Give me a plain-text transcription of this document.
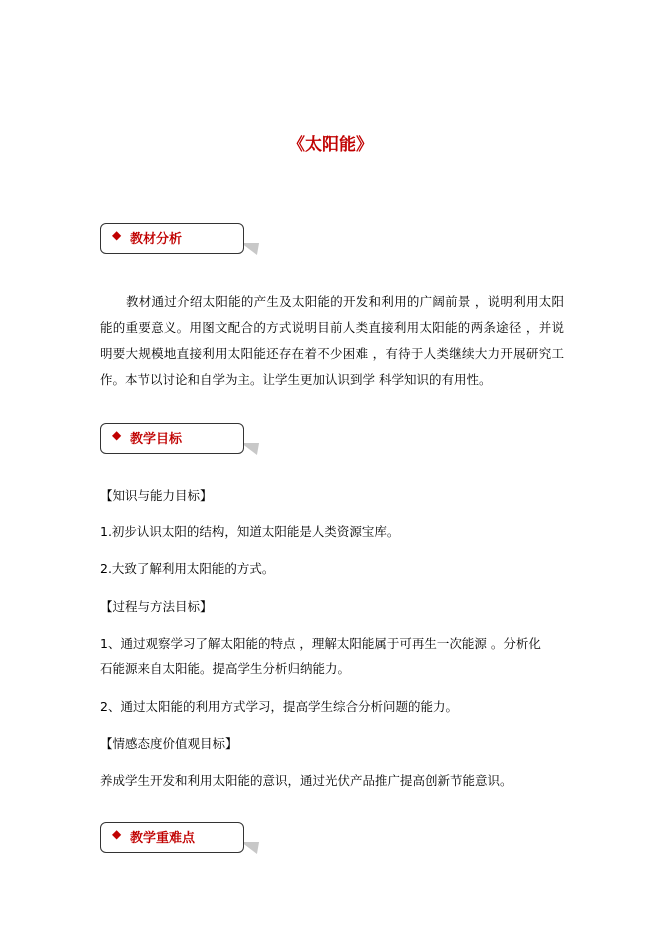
《太阳能》
◆ 教材分析
教材通过介绍太阳能的产生及太阳能的开发和利用的广阔前景 ，说明利用太阳能的重要意义。用图文配合的方式说明目前人类直接利用太阳能的两条途径 ，并说明要大规模地直接利用太阳能还存在着不少困难 ，有待于人类继续大力开展研究工作。本节以讨论和自学为主。让学生更加认识到学 科学知识的有用性。
◆ 教学目标
【知识与能力目标】
1.初步认识太阳的结构，知道太阳能是人类资源宝库。
2.大致了解利用太阳能的方式。
【过程与方法目标】
1、通过观察学习了解太阳能的特点 ，理解太阳能属于可再生一次能源 。分析化
石能源来自太阳能。提高学生分析归纳能力。
2、通过太阳能的利用方式学习，提高学生综合分析问题的能力。
【情感态度价值观目标】
养成学生开发和利用太阳能的意识，通过光伏产品推广提高创新节能意识。
◆ 教学重难点
